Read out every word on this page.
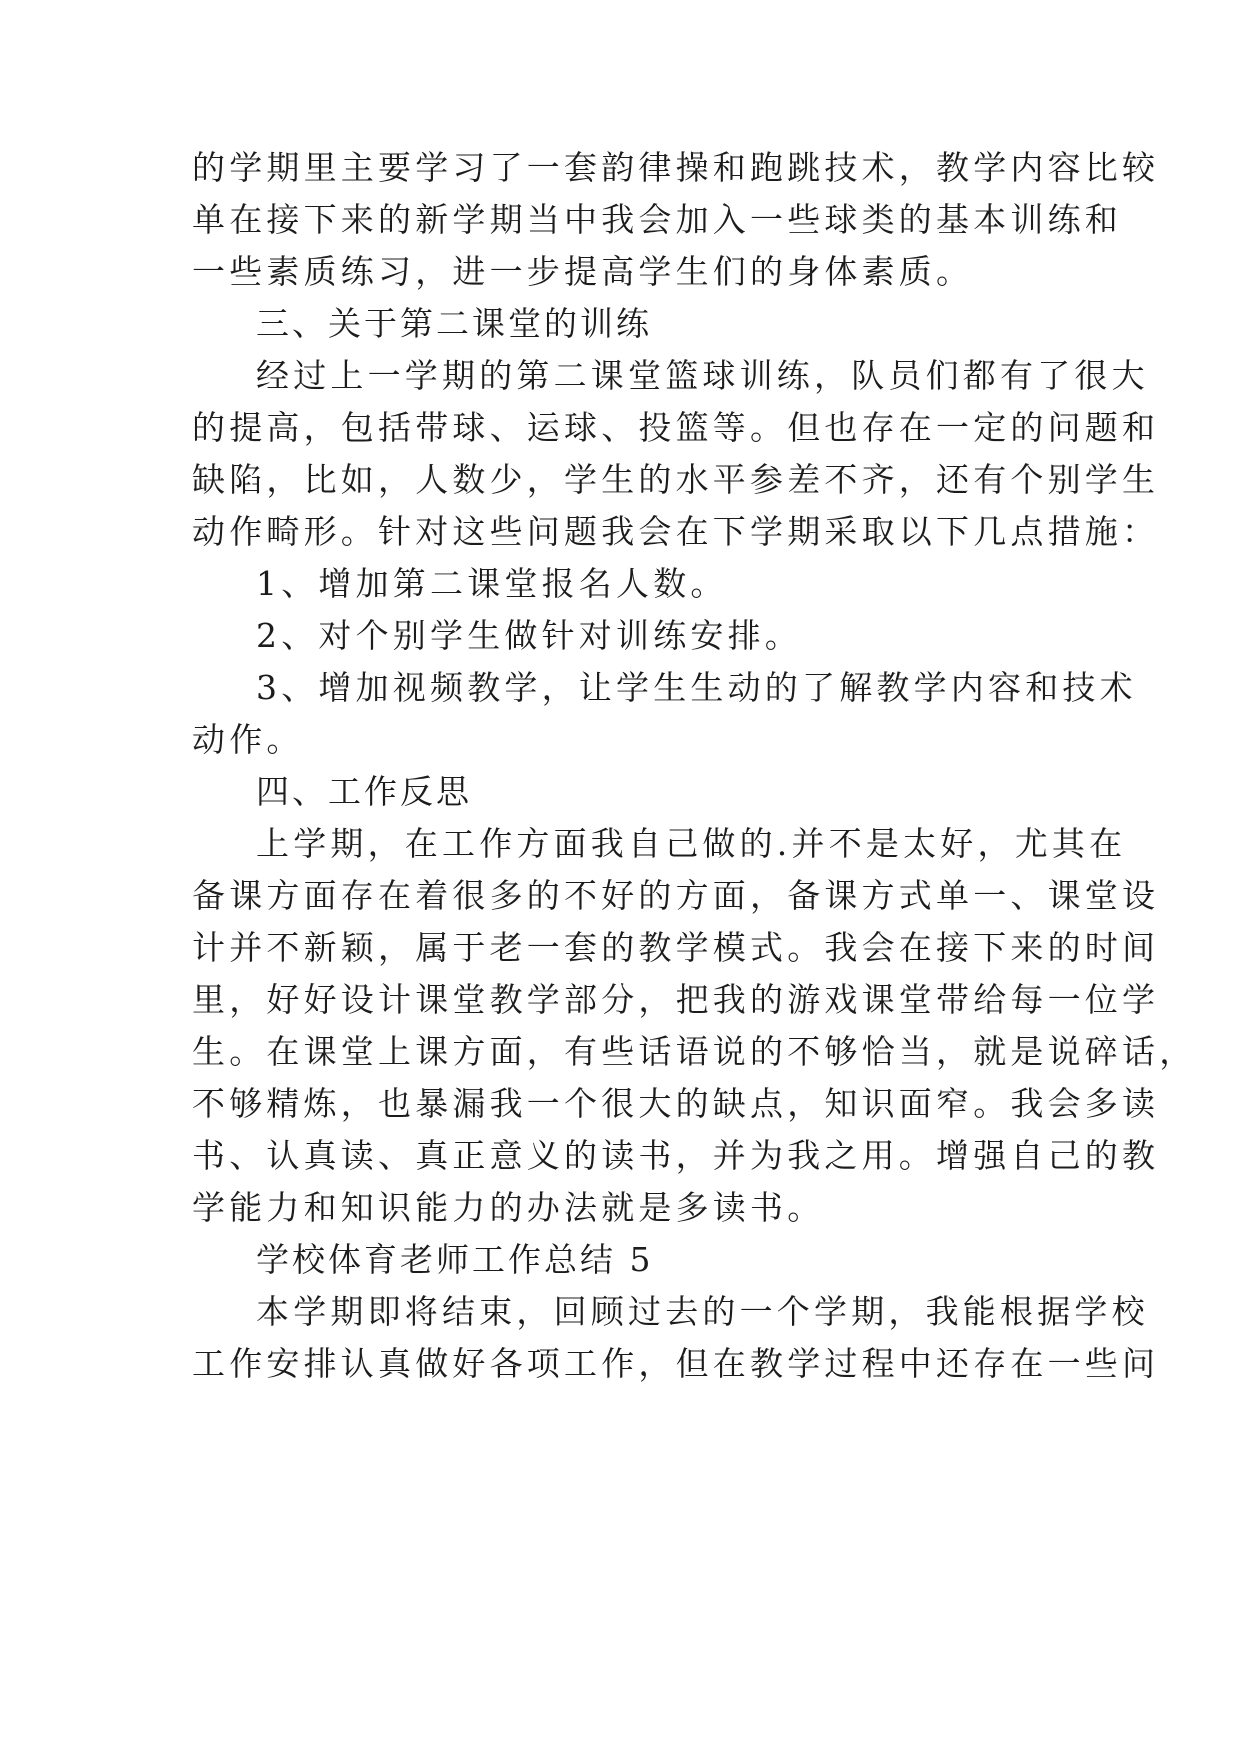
的学期里主要学习了一套韵律操和跑跳技术，教学内容比较
单在接下来的新学期当中我会加入一些球类的基本训练和
一些素质练习，进一步提高学生们的身体素质。
三、关于第二课堂的训练
经过上一学期的第二课堂篮球训练，队员们都有了很大
的提高，包括带球、运球、投篮等。但也存在一定的问题和
缺陷，比如，人数少，学生的水平参差不齐，还有个别学生
动作畸形。针对这些问题我会在下学期采取以下几点措施：
1、增加第二课堂报名人数。
2、对个别学生做针对训练安排。
3、增加视频教学，让学生生动的了解教学内容和技术
动作。
四、工作反思
上学期，在工作方面我自己做的.并不是太好，尤其在
备课方面存在着很多的不好的方面，备课方式单一、课堂设
计并不新颖，属于老一套的教学模式。我会在接下来的时间
里，好好设计课堂教学部分，把我的游戏课堂带给每一位学
生。在课堂上课方面，有些话语说的不够恰当，就是说碎话，
不够精炼，也暴漏我一个很大的缺点，知识面窄。我会多读
书、认真读、真正意义的读书，并为我之用。增强自己的教
学能力和知识能力的办法就是多读书。
学校体育老师工作总结 5
本学期即将结束，回顾过去的一个学期，我能根据学校
工作安排认真做好各项工作，但在教学过程中还存在一些问
